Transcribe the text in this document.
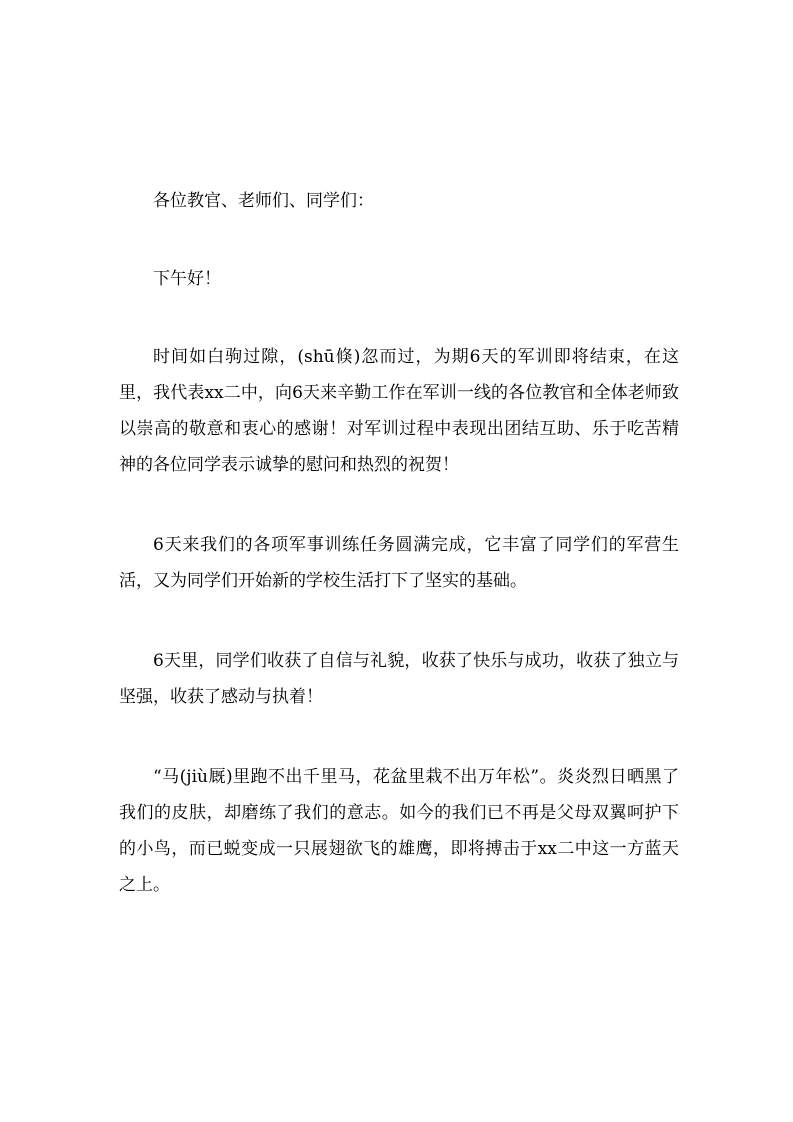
各位教官、老师们、同学们：

下午好！

时间如白驹过隙，(shū倏)忽而过，为期6天的军训即将结束，在这里，我代表xx二中，向6天来辛勤工作在军训一线的各位教官和全体老师致以崇高的敬意和衷心的感谢！对军训过程中表现出团结互助、乐于吃苦精神的各位同学表示诚挚的慰问和热烈的祝贺！

6天来我们的各项军事训练任务圆满完成，它丰富了同学们的军营生活，又为同学们开始新的学校生活打下了坚实的基础。

6天里，同学们收获了自信与礼貌，收获了快乐与成功，收获了独立与坚强，收获了感动与执着！

“马(jiù厩)里跑不出千里马，花盆里栽不出万年松”。炎炎烈日晒黑了我们的皮肤，却磨练了我们的意志。如今的我们已不再是父母双翼呵护下的小鸟，而已蜕变成一只展翅欲飞的雄鹰，即将搏击于xx二中这一方蓝天之上。
